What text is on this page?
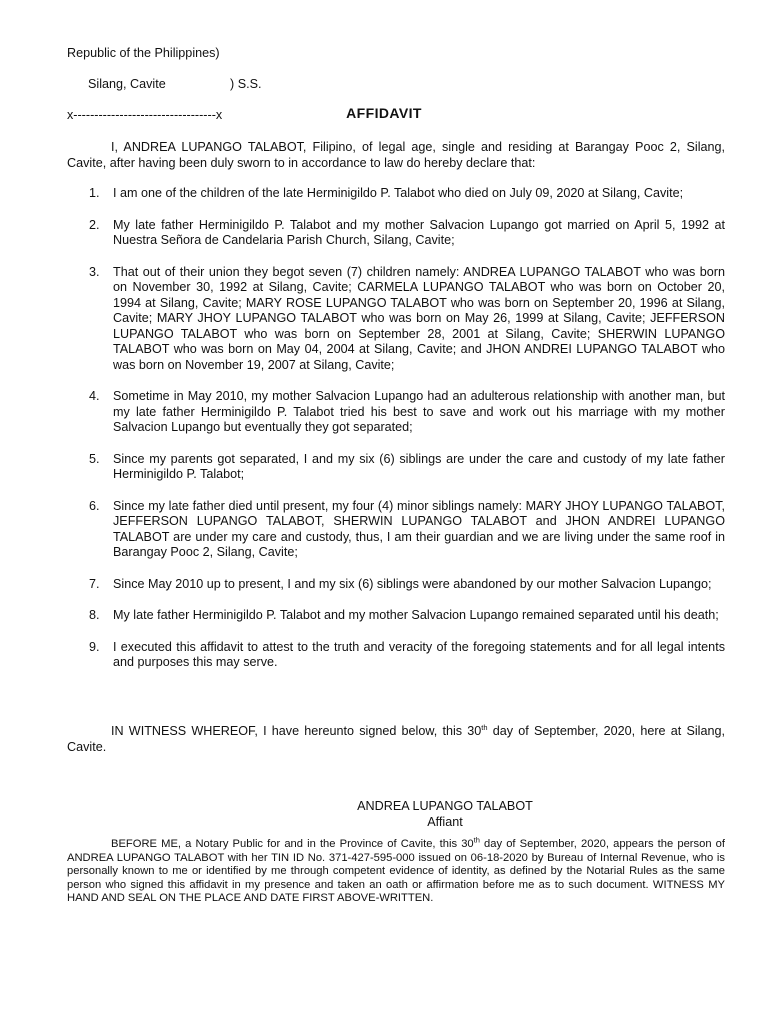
Republic of the Philippines)

Silang, Cavite	) S.S.

x----------------------------------x	AFFIDAVIT
I, ANDREA LUPANGO TALABOT, Filipino, of legal age, single and residing at Barangay Pooc 2, Silang, Cavite, after having been duly sworn to in accordance to law do hereby declare that:
1. I am one of the children of the late Herminigildo P. Talabot who died on July 09, 2020 at Silang, Cavite;
2. My late father Herminigildo P. Talabot and my mother Salvacion Lupango got married on April 5, 1992 at Nuestra Señora de Candelaria Parish Church, Silang, Cavite;
3. That out of their union they begot seven (7) children namely: ANDREA LUPANGO TALABOT who was born on November 30, 1992 at Silang, Cavite; CARMELA LUPANGO TALABOT who was born on October 20, 1994 at Silang, Cavite; MARY ROSE LUPANGO TALABOT who was born on September 20, 1996 at Silang, Cavite; MARY JHOY LUPANGO TALABOT who was born on May 26, 1999 at Silang, Cavite; JEFFERSON LUPANGO TALABOT who was born on September 28, 2001 at Silang, Cavite; SHERWIN LUPANGO TALABOT who was born on May 04, 2004 at Silang, Cavite; and JHON ANDREI LUPANGO TALABOT who was born on November 19, 2007 at Silang, Cavite;
4. Sometime in May 2010, my mother Salvacion Lupango had an adulterous relationship with another man, but my late father Herminigildo P. Talabot tried his best to save and work out his marriage with my mother Salvacion Lupango but eventually they got separated;
5. Since my parents got separated, I and my six (6) siblings are under the care and custody of my late father Herminigildo P. Talabot;
6. Since my late father died until present, my four (4) minor siblings namely: MARY JHOY LUPANGO TALABOT, JEFFERSON LUPANGO TALABOT, SHERWIN LUPANGO TALABOT and JHON ANDREI LUPANGO TALABOT are under my care and custody, thus, I am their guardian and we are living under the same roof in Barangay Pooc 2, Silang, Cavite;
7. Since May 2010 up to present, I and my six (6) siblings were abandoned by our mother Salvacion Lupango;
8. My late father Herminigildo P. Talabot and my mother Salvacion Lupango remained separated until his death;
9. I executed this affidavit to attest to the truth and veracity of the foregoing statements and for all legal intents and purposes this may serve.
IN WITNESS WHEREOF, I have hereunto signed below, this 30th day of September, 2020, here at Silang, Cavite.
ANDREA LUPANGO TALABOT
Affiant
BEFORE ME, a Notary Public for and in the Province of Cavite, this 30th day of September, 2020, appears the person of ANDREA LUPANGO TALABOT with her TIN ID No. 371-427-595-000 issued on 06-18-2020 by Bureau of Internal Revenue, who is personally known to me or identified by me through competent evidence of identity, as defined by the Notarial Rules as the same person who signed this affidavit in my presence and taken an oath or affirmation before me as to such document. WITNESS MY HAND AND SEAL ON THE PLACE AND DATE FIRST ABOVE-WRITTEN.
